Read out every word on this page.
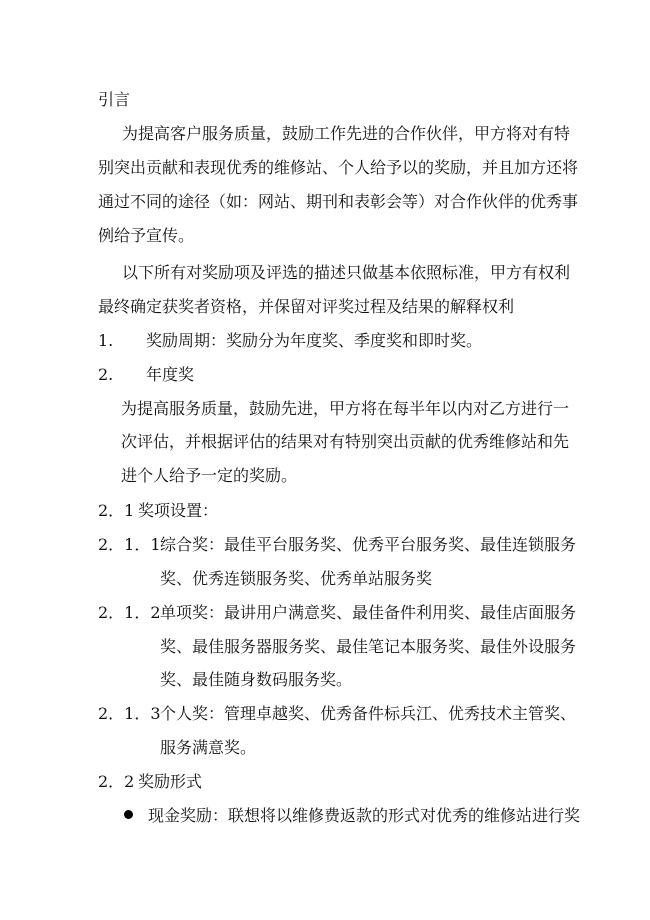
引言
为提高客户服务质量，鼓励工作先进的合作伙伴，甲方将对有特
别突出贡献和表现优秀的维修站、个人给予以的奖励，并且加方还将
通过不同的途径（如：网站、期刊和表彰会等）对合作伙伴的优秀事
例给予宣传。
以下所有对奖励项及评选的描述只做基本依照标准，甲方有权利
最终确定获奖者资格，并保留对评奖过程及结果的解释权利
1. 奖励周期：奖励分为年度奖、季度奖和即时奖。
2. 年度奖
为提高服务质量，鼓励先进，甲方将在每半年以内对乙方进行一
次评估，并根据评估的结果对有特别突出贡献的优秀维修站和先
进个人给予一定的奖励。
2．1 奖项设置：
2．1．1 综合奖：最佳平台服务奖、优秀平台服务奖、最佳连锁服务
奖、优秀连锁服务奖、优秀单站服务奖
2．1．2 单项奖：最讲用户满意奖、最佳备件利用奖、最佳店面服务
奖、最佳服务器服务奖、最佳笔记本服务奖、最佳外设服务
奖、最佳随身数码服务奖。
2．1．3 个人奖：管理卓越奖、优秀备件标兵江、优秀技术主管奖、
服务满意奖。
2．2 奖励形式
现金奖励 ：联想将以维修费返款的形式对优秀的维修站进行奖
